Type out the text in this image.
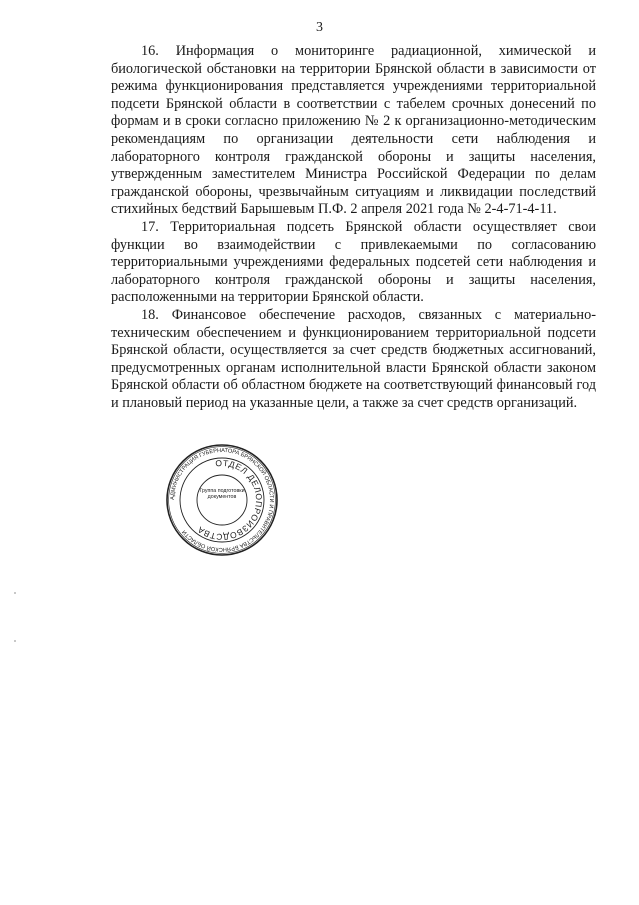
3

16. Информация о мониторинге радиационной, химической и биологической обстановки на территории Брянской области в зависимости от режима функционирования представляется учреждениями территориальной подсети Брянской области в соответствии с табелем срочных донесений по формам и в сроки согласно приложению № 2 к организационно-методическим рекомендациям по организации деятельности сети наблюдения и лабораторного контроля гражданской обороны и защиты населения, утвержденным заместителем Министра Российской Федерации по делам гражданской обороны, чрезвычайным ситуациям и ликвидации последствий стихийных бедствий Барышевым П.Ф. 2 апреля 2021 года № 2-4-71-4-11.

17. Территориальная подсеть Брянской области осуществляет свои функции во взаимодействии с привлекаемыми по согласованию территориальными учреждениями федеральных подсетей сети наблюдения и лабораторного контроля гражданской обороны и защиты населения, расположенными на территории Брянской области.

18. Финансовое обеспечение расходов, связанных с материально-техническим обеспечением и функционированием территориальной подсети Брянской области, осуществляется за счет средств бюджетных ассигнований, предусмотренных органам исполнительной власти Брянской области законом Брянской области об областном бюджете на соответствующий финансовый год и плановый период на указанные цели, а также за счет средств организаций.

АДМИНИСТРАЦИЯ ГУБЕРНАТОРА БРЯНСКОЙ ОБЛАСТИ И ПРАВИТЕЛЬСТВА БРЯНСКОЙ ОБЛАСТИ
ОТДЕЛ ДЕЛОПРОИЗВОДСТВА
Группа подготовки документов
